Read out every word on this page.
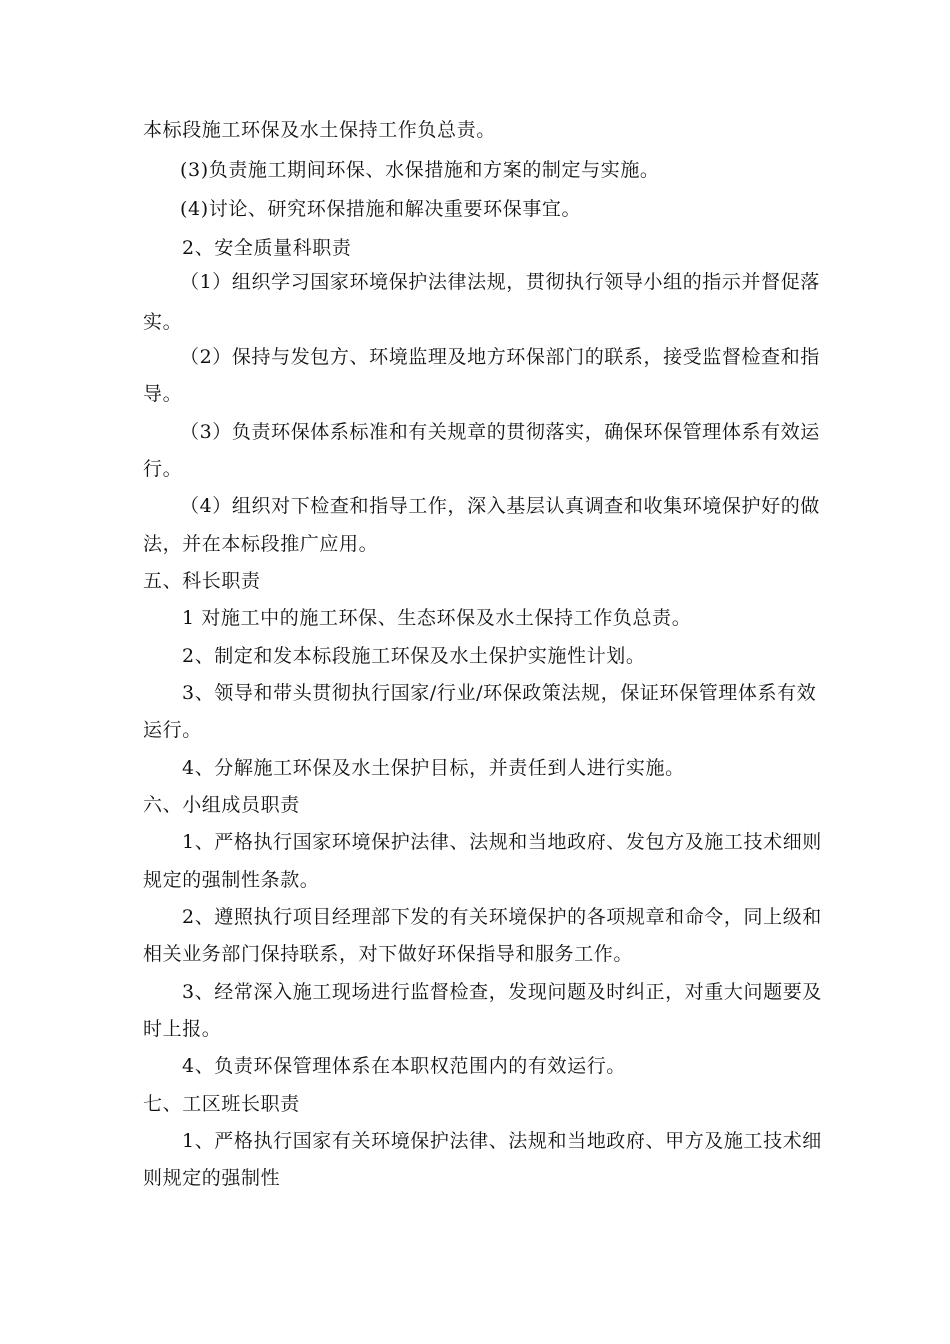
本标段施工环保及水土保持工作负总责。
(3)负责施工期间环保、水保措施和方案的制定与实施。
(4)讨论、研究环保措施和解决重要环保事宜。
2、安全质量科职责
（1）组织学习国家环境保护法律法规，贯彻执行领导小组的指示并督促落
实。
（2）保持与发包方、环境监理及地方环保部门的联系，接受监督检查和指
导。
（3）负责环保体系标准和有关规章的贯彻落实，确保环保管理体系有效运
行。
（4）组织对下检查和指导工作，深入基层认真调查和收集环境保护好的做
法，并在本标段推广应用。
五、科长职责
1 对施工中的施工环保、生态环保及水土保持工作负总责。
2、制定和发本标段施工环保及水土保护实施性计划。
3、领导和带头贯彻执行国家/行业/环保政策法规，保证环保管理体系有效
运行。
4、分解施工环保及水土保护目标，并责任到人进行实施。
六、小组成员职责
1、严格执行国家环境保护法律、法规和当地政府、发包方及施工技术细则
规定的强制性条款。
2、遵照执行项目经理部下发的有关环境保护的各项规章和命令，同上级和
相关业务部门保持联系，对下做好环保指导和服务工作。
3、经常深入施工现场进行监督检查，发现问题及时纠正，对重大问题要及
时上报。
4、负责环保管理体系在本职权范围内的有效运行。
七、工区班长职责
1、严格执行国家有关环境保护法律、法规和当地政府、甲方及施工技术细
则规定的强制性
